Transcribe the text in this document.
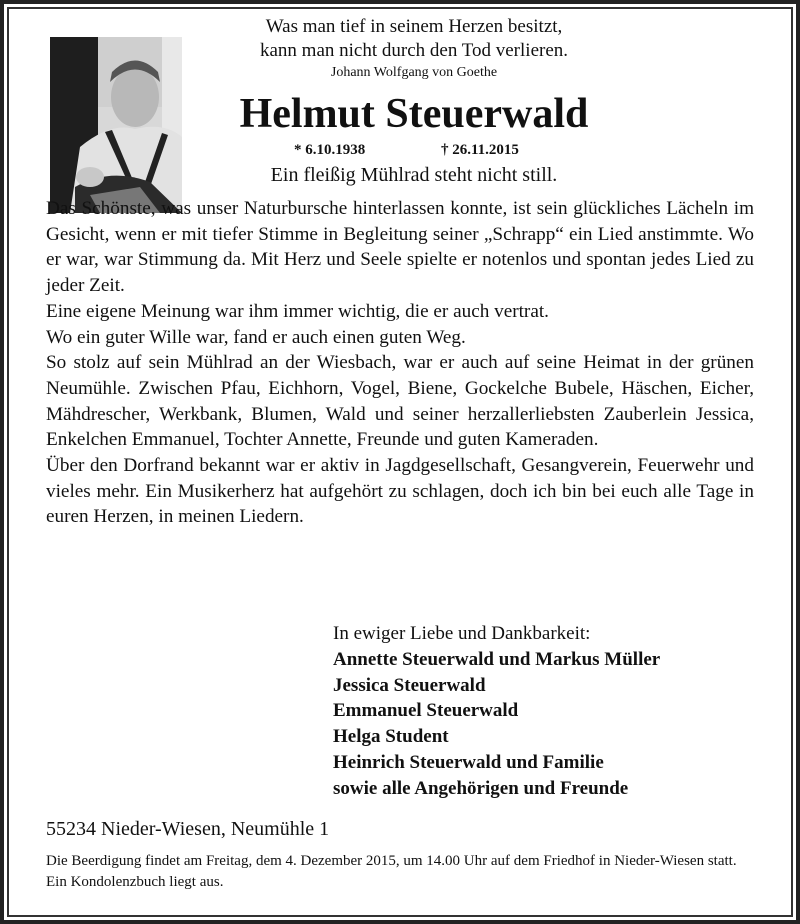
Was man tief in seinem Herzen besitzt,
kann man nicht durch den Tod verlieren.
Johann Wolfgang von Goethe
Helmut Steuerwald
* 6.10.1938	† 26.11.2015
Ein fleißig Mühlrad steht nicht still.

Das Schönste, was unser Naturbursche hinterlassen konnte, ist sein glückliches Lächeln im Gesicht, wenn er mit tiefer Stimme in Begleitung seiner „Schrapp“ ein Lied anstimmte. Wo er war, war Stimmung da. Mit Herz und Seele spielte er notenlos und spontan jedes Lied zu jeder Zeit.

Eine eigene Meinung war ihm immer wichtig, die er auch vertrat.

Wo ein guter Wille war, fand er auch einen guten Weg.

So stolz auf sein Mühlrad an der Wiesbach, war er auch auf seine Heimat in der grünen Neumühle. Zwischen Pfau, Eichhorn, Vogel, Biene, Gockelche Bubele, Häschen, Eicher, Mähdrescher, Werkbank, Blumen, Wald und seiner herzallerliebsten Zauberlein Jessica, Enkelchen Emmanuel, Tochter Annette, Freunde und guten Kameraden.

Über den Dorfrand bekannt war er aktiv in Jagdgesellschaft, Gesangverein, Feuerwehr und vieles mehr. Ein Musikerherz hat aufgehört zu schlagen, doch ich bin bei euch alle Tage in euren Herzen, in meinen Liedern.

In ewiger Liebe und Dankbarkeit:
Annette Steuerwald und Markus Müller
Jessica Steuerwald
Emmanuel Steuerwald
Helga Student
Heinrich Steuerwald und Familie
sowie alle Angehörigen und Freunde
55234 Nieder-Wiesen, Neumühle 1
Die Beerdigung findet am Freitag, dem 4. Dezember 2015, um 14.00 Uhr auf dem Friedhof in Nieder-Wiesen statt. Ein Kondolenzbuch liegt aus.
